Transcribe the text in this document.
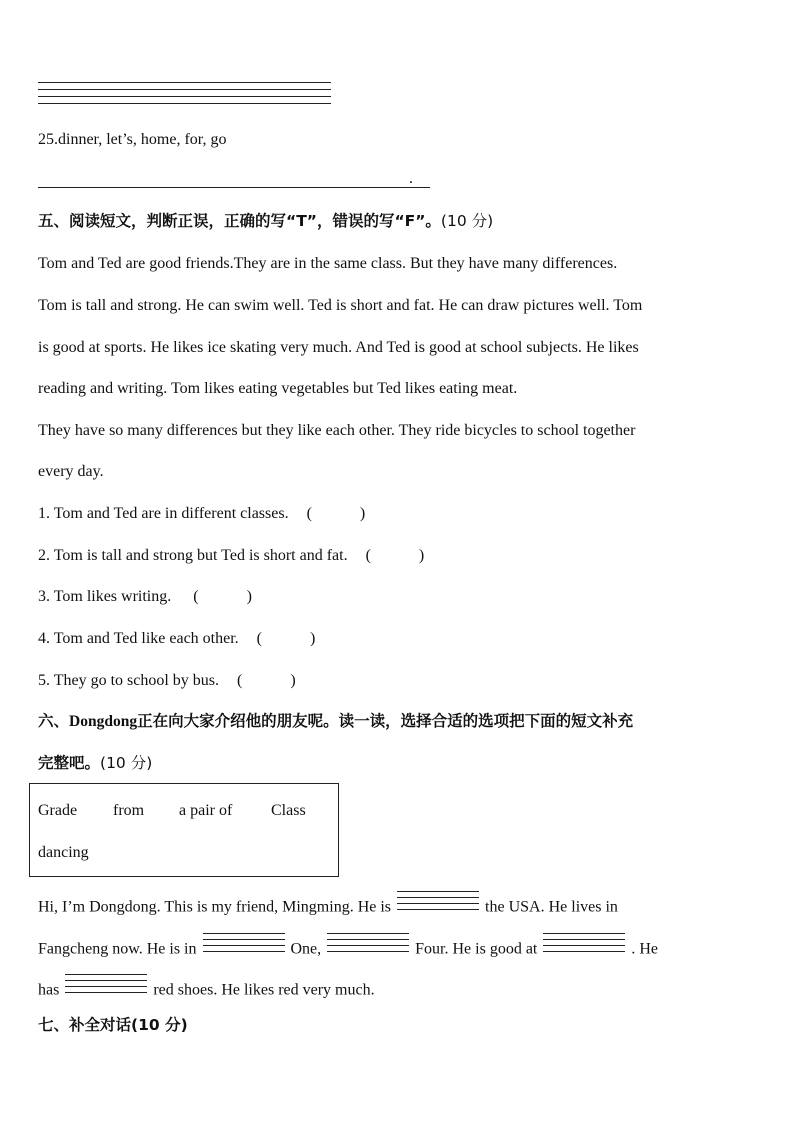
25.dinner, let’s, home, for, go
.
五、阅读短文，判断正误，正确的写“T”，错误的写“F”。(10 分)
Tom and Ted are good friends.They are in the same class. But they have many differences.
Tom is tall and strong. He can swim well. Ted is short and fat. He can draw pictures well. Tom
is good at sports. He likes ice skating very much. And Ted is good at school subjects. He likes
reading and writing. Tom likes eating vegetables but Ted likes eating meat.
They have so many differences but they like each other. They ride bicycles to school together
every day.
1. Tom and Ted are in different classes. (   )
2. Tom is tall and strong but Ted is short and fat. (   )
3. Tom likes writing. (   )
4. Tom and Ted like each other. (   )
5. They go to school by bus. (   )
六、Dongdong正在向大家介绍他的朋友呢。读一读，选择合适的选项把下面的短文补充
完整吧。(10 分)
Grade from a pair of Class
dancing
Hi, I’m Dongdong. This is my friend, Mingming. He is	the USA. He lives in
Fangcheng now. He is in	One,	Four. He is good at	. He
has	red shoes. He likes red very much.
七、补全对话(10 分)
